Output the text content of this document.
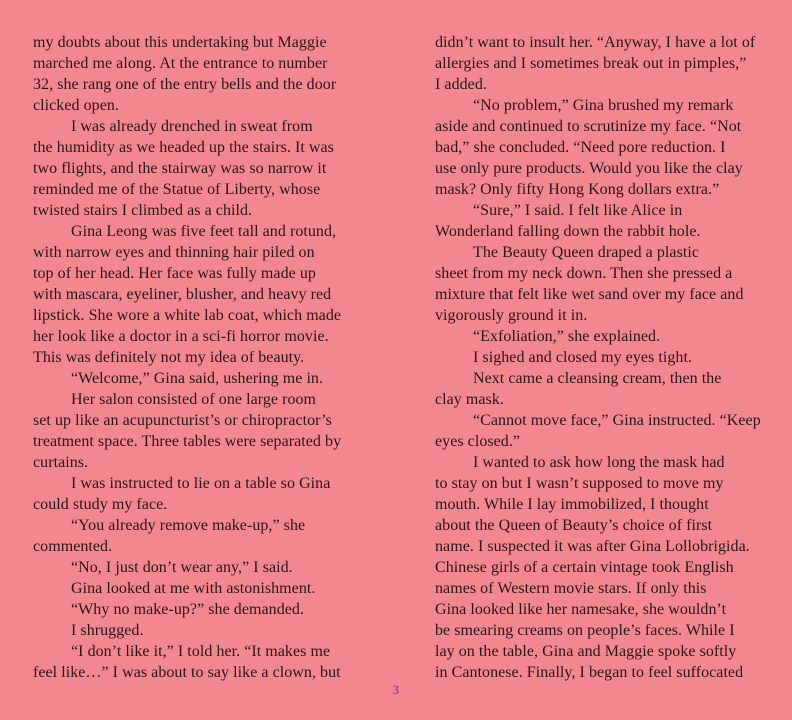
my doubts about this undertaking but Maggie
marched me along. At the entrance to number
32, she rang one of the entry bells and the door
clicked open.
I was already drenched in sweat from
the humidity as we headed up the stairs. It was
two flights, and the stairway was so narrow it
reminded me of the Statue of Liberty, whose
twisted stairs I climbed as a child.
Gina Leong was five feet tall and rotund,
with narrow eyes and thinning hair piled on
top of her head. Her face was fully made up
with mascara, eyeliner, blusher, and heavy red
lipstick. She wore a white lab coat, which made
her look like a doctor in a sci-fi horror movie.
This was definitely not my idea of beauty.
“Welcome,” Gina said, ushering me in.
Her salon consisted of one large room
set up like an acupuncturist’s or chiropractor’s
treatment space. Three tables were separated by
curtains.
I was instructed to lie on a table so Gina
could study my face.
“You already remove make-up,” she
commented.
“No, I just don’t wear any,” I said.
Gina looked at me with astonishment.
“Why no make-up?” she demanded.
I shrugged.
“I don’t like it,” I told her. “It makes me
feel like…” I was about to say like a clown, but
didn’t want to insult her. “Anyway, I have a lot of
allergies and I sometimes break out in pimples,”
I added.
“No problem,” Gina brushed my remark
aside and continued to scrutinize my face. “Not
bad,” she concluded. “Need pore reduction. I
use only pure products. Would you like the clay
mask? Only fifty Hong Kong dollars extra.”
“Sure,” I said. I felt like Alice in
Wonderland falling down the rabbit hole.
The Beauty Queen draped a plastic
sheet from my neck down. Then she pressed a
mixture that felt like wet sand over my face and
vigorously ground it in.
“Exfoliation,” she explained.
I sighed and closed my eyes tight.
Next came a cleansing cream, then the
clay mask.
“Cannot move face,” Gina instructed. “Keep
eyes closed.”
I wanted to ask how long the mask had
to stay on but I wasn’t supposed to move my
mouth. While I lay immobilized, I thought
about the Queen of Beauty’s choice of first
name. I suspected it was after Gina Lollobrigida.
Chinese girls of a certain vintage took English
names of Western movie stars. If only this
Gina looked like her namesake, she wouldn’t
be smearing creams on people’s faces. While I
lay on the table, Gina and Maggie spoke softly
in Cantonese. Finally, I began to feel suffocated
3
